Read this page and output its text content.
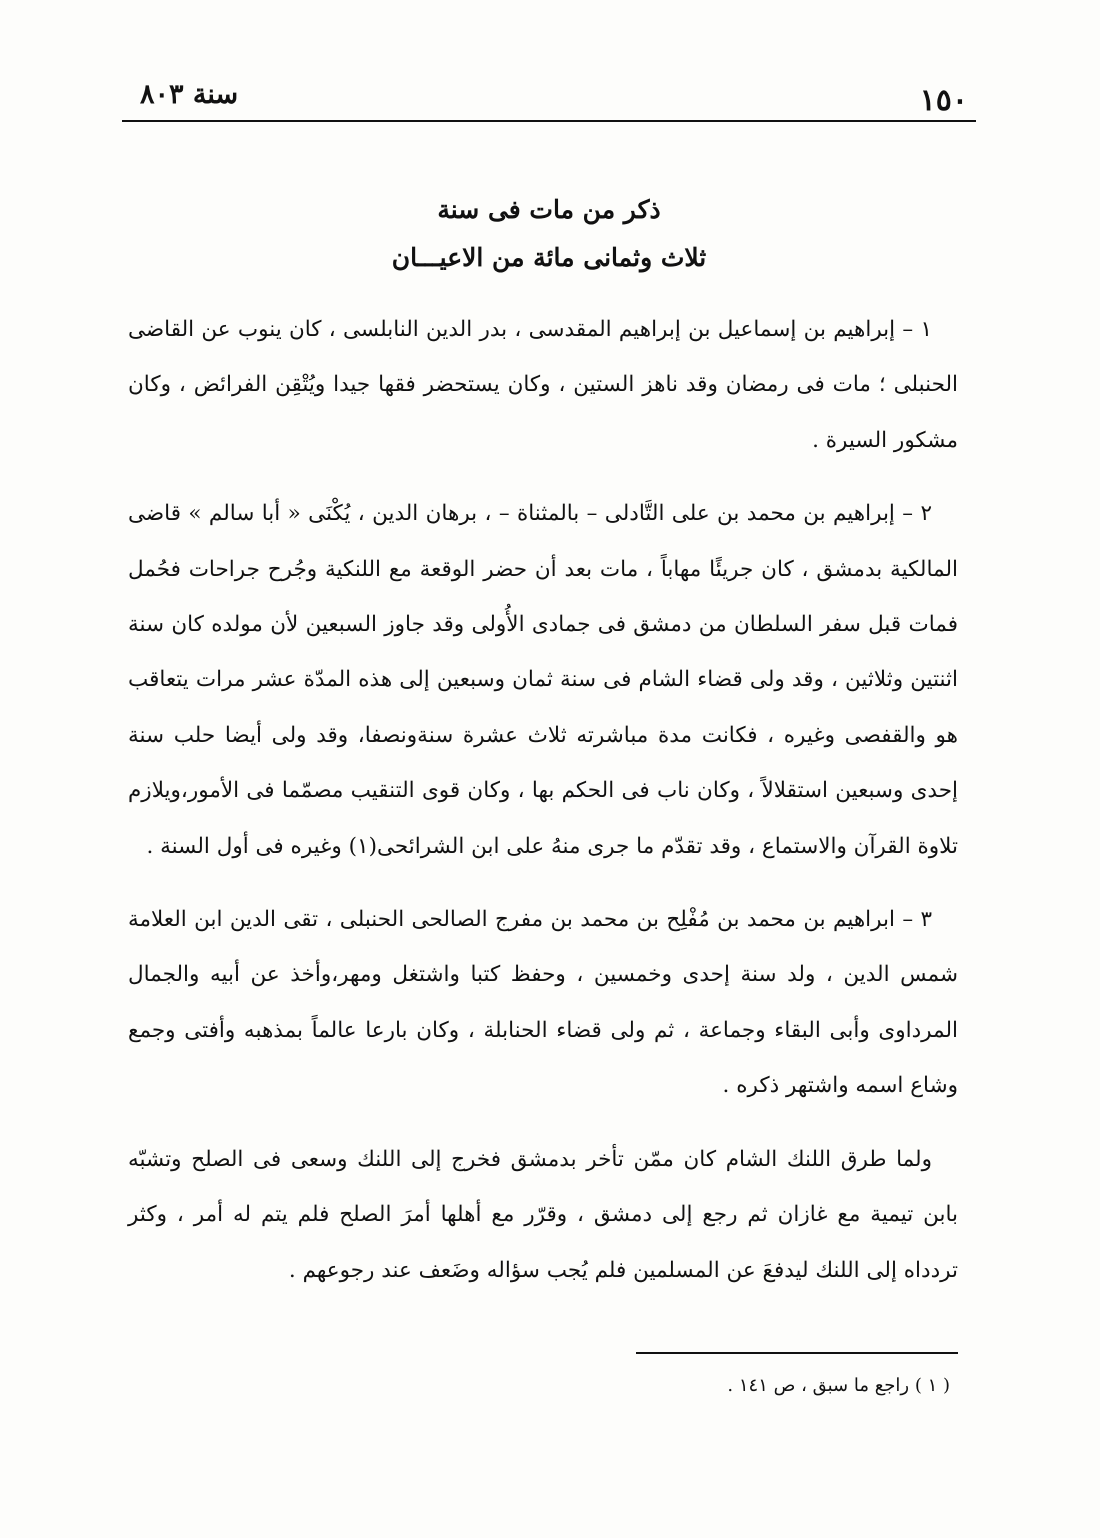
١٥٠
سنة ٨٠٣
ذكر من مات فى سنة
ثلاث وثمانى مائة من الاعيـــان

١ – إبراهيم بن إسماعيل بن إبراهيم المقدسى ، بدر الدين النابلسى ، كان ينوب عن القاضى الحنبلى ؛ مات فى رمضان وقد ناهز الستين ، وكان يستحضر فقها جيدا ويُتْقِن الفرائض ، وكان مشكور السيرة .

٢ – إبراهيم بن محمد بن على التَّادلى – بالمثناة – ، برهان الدين ، يُكْنَى « أبا سالم » قاضى المالكية بدمشق ، كان جريئًا مهاباً ، مات بعد أن حضر الوقعة مع اللنكية وجُرح جراحات فحُمل فمات قبل سفر السلطان من دمشق فى جمادى الأُولى وقد جاوز السبعين لأن مولده كان سنة اثنتين وثلاثين ، وقد ولى قضاء الشام فى سنة ثمان وسبعين إلى هذه المدّة عشر مرات يتعاقب هو والقفصى وغيره ، فكانت مدة مباشرته ثلاث عشرة سنةونصفا، وقد ولى أيضا حلب سنة إحدى وسبعين استقلالاً ، وكان ناب فى الحكم بها ، وكان قوى التنقيب مصمّما فى الأمور،ويلازم تلاوة القرآن والاستماع ، وقد تقدّم ما جرى منهُ على ابن الشرائحى(١) وغيره فى أول السنة .

٣ – ابراهيم بن محمد بن مُفْلِح بن محمد بن مفرج الصالحى الحنبلى ، تقى الدين ابن العلامة شمس الدين ، ولد سنة إحدى وخمسين ، وحفظ كتبا واشتغل ومهر،وأخذ عن أبيه والجمال المرداوى وأبى البقاء وجماعة ، ثم ولى قضاء الحنابلة ، وكان بارعا عالماً بمذهبه وأفتى وجمع وشاع اسمه واشتهر ذكره .

ولما طرق اللنك الشام كان ممّن تأخر بدمشق فخرج إلى اللنك وسعى فى الصلح وتشبّه بابن تيمية مع غازان ثم رجع إلى دمشق ، وقرّر مع أهلها أمرَ الصلح فلم يتم له أمر ، وكثر تردداه إلى اللنك ليدفعَ عن المسلمين فلم يُجب سؤاله وضَعف عند رجوعهم .

( ١ ) راجع ما سبق ، ص ١٤١ .
